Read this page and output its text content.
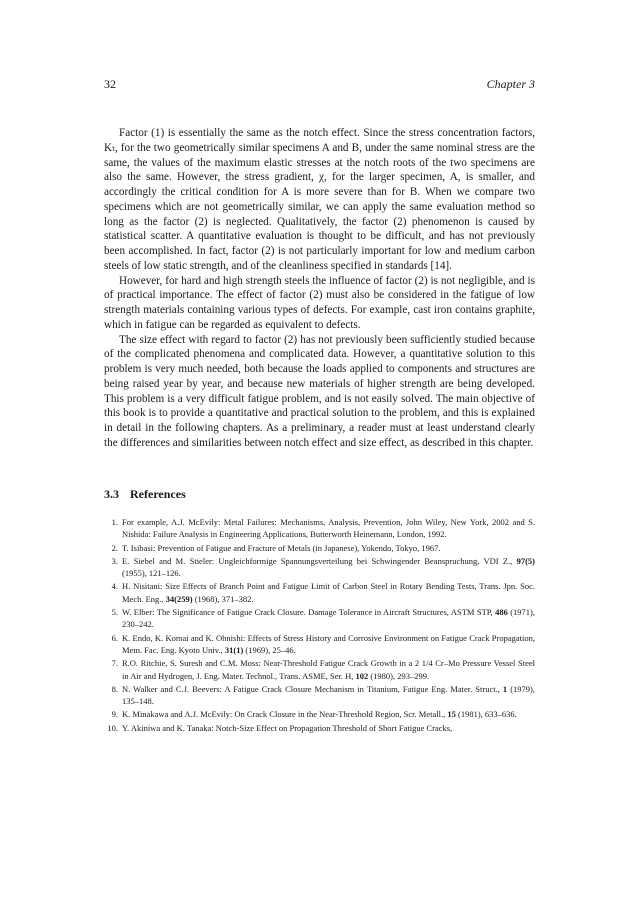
32	Chapter 3

Factor (1) is essentially the same as the notch effect. Since the stress concentration factors, Kₜ, for the two geometrically similar specimens A and B, under the same nominal stress are the same, the values of the maximum elastic stresses at the notch roots of the two specimens are also the same. However, the stress gradient, χ, for the larger specimen, A, is smaller, and accordingly the critical condition for A is more severe than for B. When we compare two specimens which are not geometrically similar, we can apply the same evaluation method so long as the factor (2) is neglected. Qualitatively, the factor (2) phenomenon is caused by statistical scatter. A quantitative evaluation is thought to be difficult, and has not previously been accomplished. In fact, factor (2) is not particularly important for low and medium carbon steels of low static strength, and of the cleanliness specified in standards [14].

However, for hard and high strength steels the influence of factor (2) is not negligible, and is of practical importance. The effect of factor (2) must also be considered in the fatigue of low strength materials containing various types of defects. For example, cast iron contains graphite, which in fatigue can be regarded as equivalent to defects.

The size effect with regard to factor (2) has not previously been sufficiently studied because of the complicated phenomena and complicated data. However, a quantitative solution to this problem is very much needed, both because the loads applied to components and structures are being raised year by year, and because new materials of higher strength are being developed. This problem is a very difficult fatigue problem, and is not easily solved. The main objective of this book is to provide a quantitative and practical solution to the problem, and this is explained in detail in the following chapters. As a preliminary, a reader must at least understand clearly the differences and similarities between notch effect and size effect, as described in this chapter.

3.3 References
1. For example, A.J. McEvily: Metal Failures: Mechanisms, Analysis, Prevention, John Wiley, New York, 2002 and S. Nishida: Failure Analysis in Engineering Applications, Butterworth Heinemann, London, 1992.
2. T. Isibasi: Prevention of Fatigue and Fracture of Metals (in Japanese), Yokendo, Tokyo, 1967.
3. E. Siebel and M. Stieler: Ungleichformige Spannungsverteilung bei Schwingender Beanspruchung, VDI Z., 97(5) (1955), 121–126.
4. H. Nisitani: Size Effects of Branch Point and Fatigue Limit of Carbon Steel in Rotary Bending Tests, Trans. Jpn. Soc. Mech. Eng., 34(259) (1968), 371–382.
5. W. Elber: The Significance of Fatigue Crack Closure. Damage Tolerance in Aircraft Structures, ASTM STP, 486 (1971), 230–242.
6. K. Endo, K. Komai and K. Ohnishi: Effects of Stress History and Corrosive Environment on Fatigue Crack Propagation, Mem. Fac. Eng. Kyoto Univ., 31(1) (1969), 25–46.
7. R.O. Ritchie, S. Suresh and C.M. Moss: Near-Threshold Fatigue Crack Growth in a 2 1/4 Cr–Mo Pressure Vessel Steel in Air and Hydrogen, J. Eng. Mater. Technol., Trans. ASME, Ser. H, 102 (1980), 293–299.
8. N. Walker and C.J. Beevers: A Fatigue Crack Closure Mechanism in Titanium, Fatigue Eng. Mater. Struct., 1 (1979), 135–148.
9. K. Minakawa and A.J. McEvily: On Crack Closure in the Near-Threshold Region, Scr. Metall., 15 (1981), 633–636.
10. Y. Akiniwa and K. Tanaka: Notch-Size Effect on Propagation Threshold of Short Fatigue Cracks,
